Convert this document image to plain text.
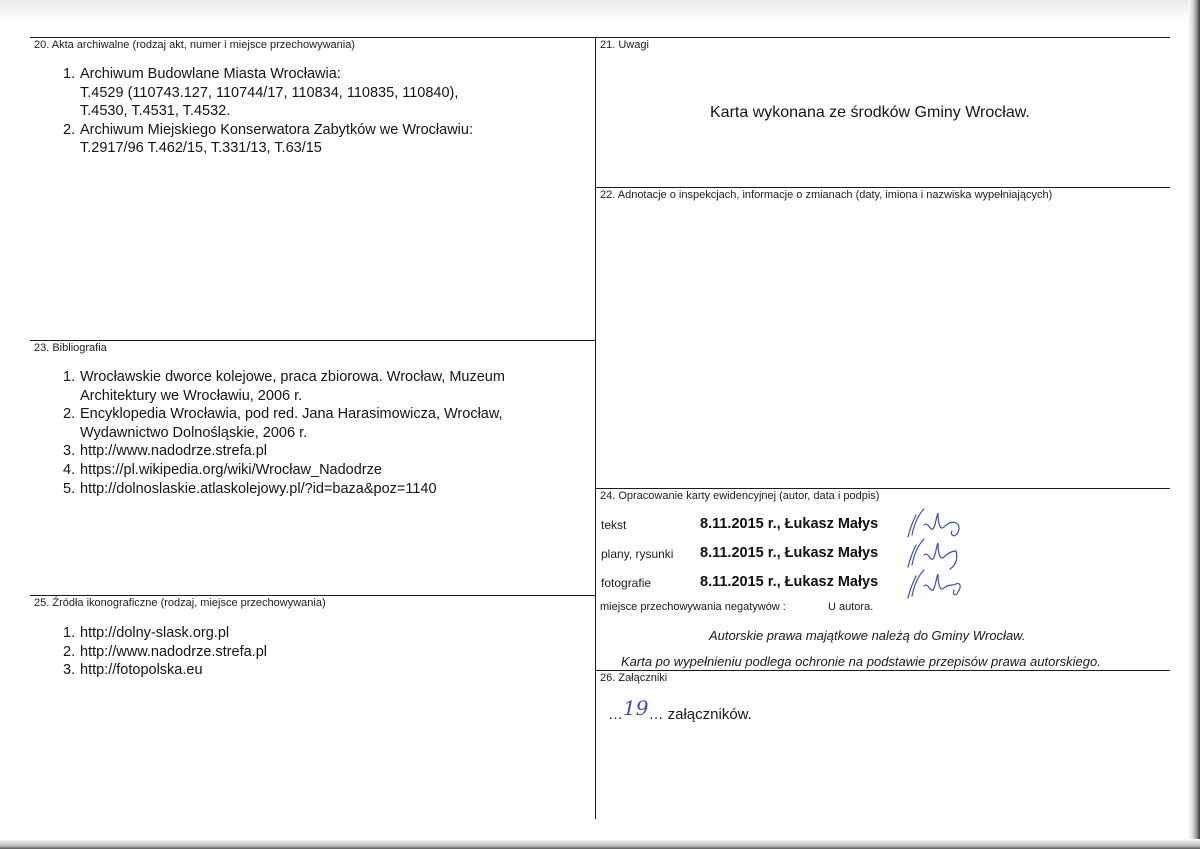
20. Akta archiwalne (rodzaj akt, numer i miejsce przechowywania)
1. Archiwum Budowlane Miasta Wrocławia:
T.4529 (110743.127, 110744/17, 110834, 110835, 110840),
T.4530, T.4531, T.4532.
2. Archiwum Miejskiego Konserwatora Zabytków we Wrocławiu:
T.2917/96 T.462/15, T.331/13, T.63/15
21. Uwagi
Karta wykonana ze środków Gminy Wrocław.
22. Adnotacje o inspekcjach, informacje o zmianach (daty, imiona i nazwiska wypełniających)
23. Bibliografia
1. Wrocławskie dworce kolejowe, praca zbiorowa. Wrocław, Muzeum
Architektury we Wrocławiu, 2006 r.
2. Encyklopedia Wrocławia, pod red. Jana Harasimowicza, Wrocław,
Wydawnictwo Dolnośląskie, 2006 r.
3. http://www.nadodrze.strefa.pl
4. https://pl.wikipedia.org/wiki/Wrocław_Nadodrze
5. http://dolnoslaskie.atlaskolejowy.pl/?id=baza&poz=1140	24. Opracowanie karty ewidencyjnej (autor, data i podpis)
tekst	8.11.2015 r., Łukasz Małys
plany, rysunki 8.11.2015 r., Łukasz Małys
fotografie	8.11.2015 r., Łukasz Małys
miejsce przechowywania negatywów :	U autora.
Autorskie prawa majątkowe należą do Gminy Wrocław.
Karta po wypełnieniu podlega ochronie na podstawie przepisów prawa autorskiego.
25. Źródła ikonograficzne (rodzaj, miejsce przechowywania)
1. http://dolny-slask.org.pl
2. http://www.nadodrze.strefa.pl
3. http://fotopolska.eu	26. Załączniki
…19… załączników.
